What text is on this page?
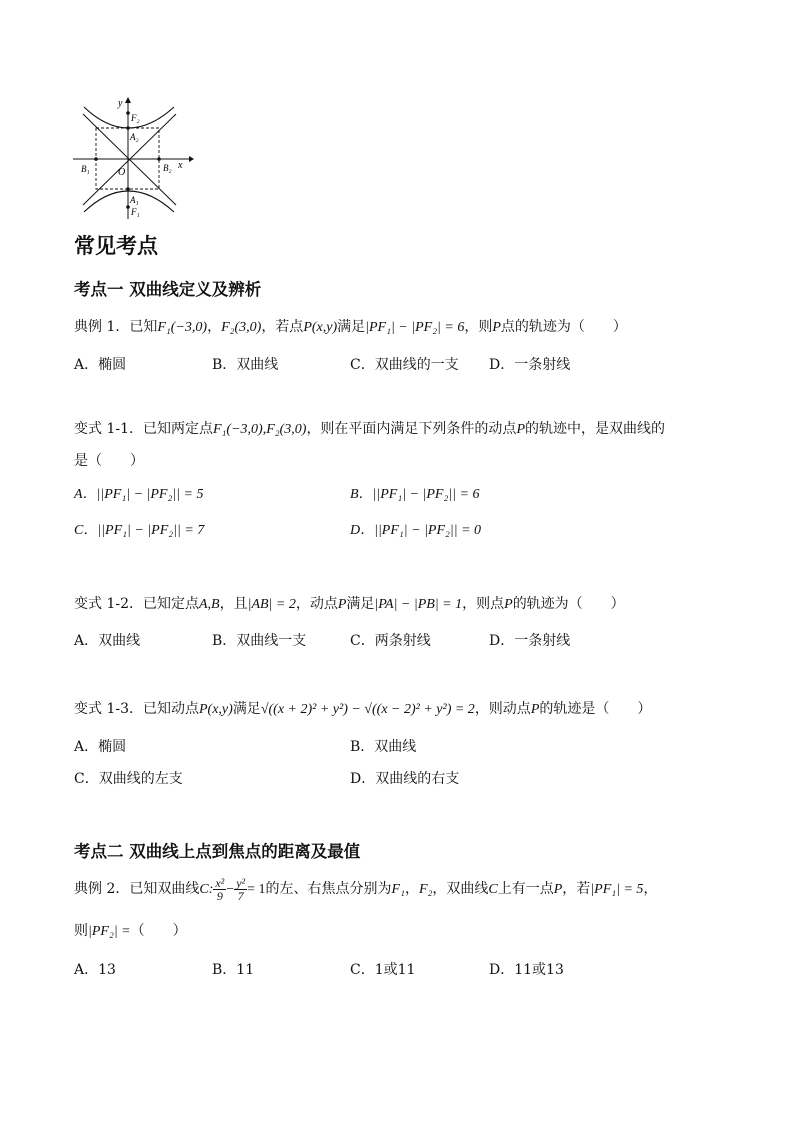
y
x
O
F₂
F₁
A₂
A₁
B₁	B₂
常见考点
考点一 双曲线定义及辨析
典例 1．已知F₁(−3,0)，F₂(3,0)，若点P(x,y)满足|PF₁| − |PF₂| = 6，则P点的轨迹为（　　）
A．椭圆	B．双曲线	C．双曲线的一支 D．一条射线
变式 1-1．已知两定点F₁(−3,0),F₂(3,0)，则在平面内满足下列条件的动点P的轨迹中，是双曲线的
是（　　）
A．||PF₁| − |PF₂|| = 5	B．||PF₁| − |PF₂|| = 6
C．||PF₁| − |PF₂|| = 7	D．||PF₁| − |PF₂|| = 0
变式 1-2．已知定点A,B，且|AB| = 2，动点P满足|PA| − |PB| = 1，则点P的轨迹为（　　）
A．双曲线	B．双曲线一支	C．两条射线	D．一条射线
变式 1-3．已知动点P(x,y)满足√((x + 2)² + y²) − √((x − 2)² + y²) = 2，则动点P的轨迹是（　　）
A．椭圆	B．双曲线
C．双曲线的左支	D．双曲线的右支
考点二 双曲线上点到焦点的距离及最值
典例 2．已知双曲线C: $\frac{\text{x²}}{9} - \frac{\text{y²}}{7} = 1$的左、右焦点分别为F₁，F₂，双曲线C上有一点P，若|PF₁| = 5，
则|PF₂| =（　　）
A．13	B．11	C．1或11	D．11或13
